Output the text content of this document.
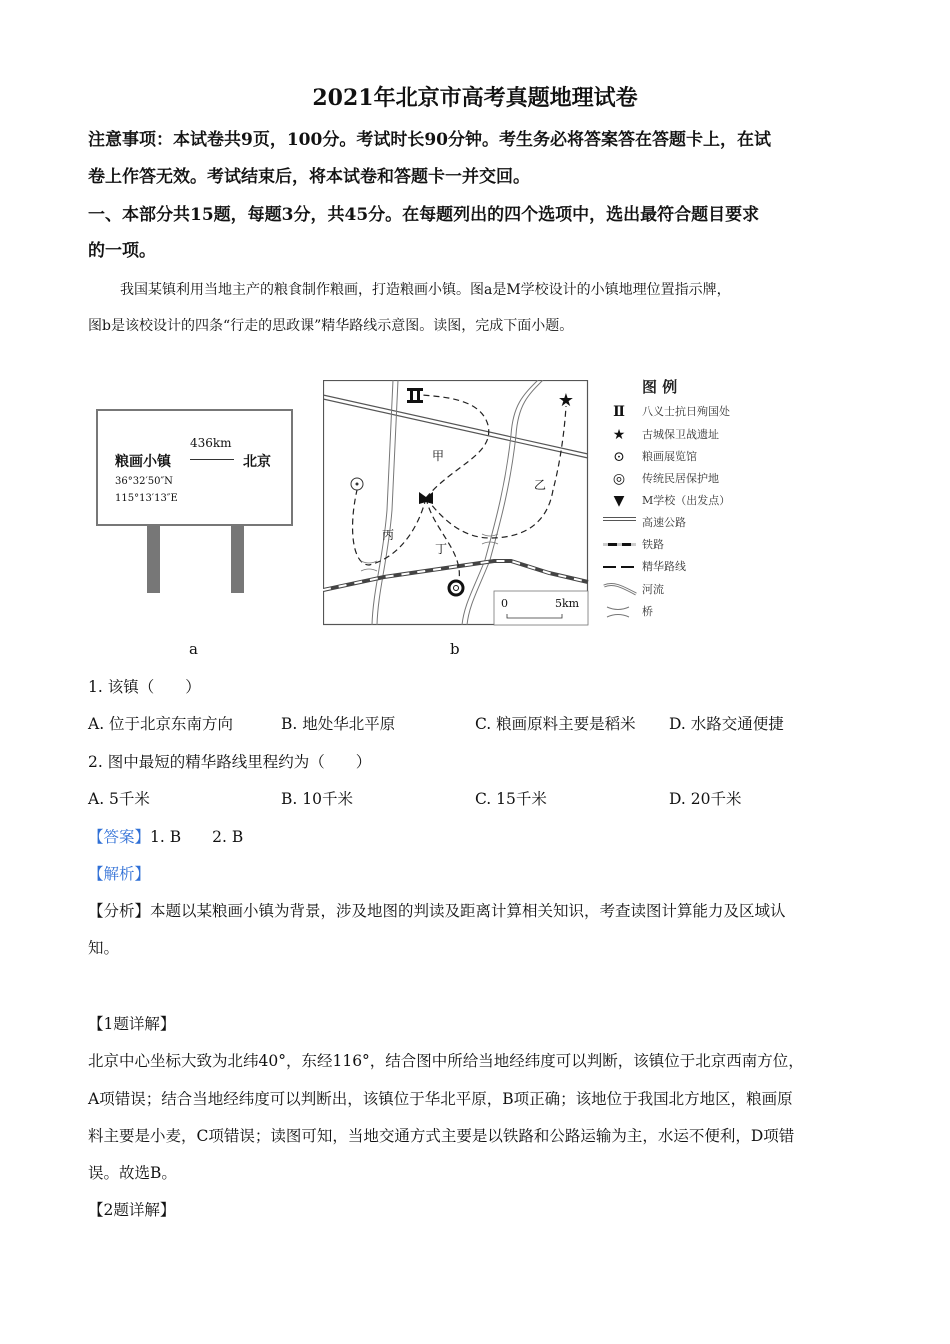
2021年北京市高考真题地理试卷
注意事项：本试卷共9页，100分。考试时长90分钟。考生务必将答案答在答题卡上，在试
卷上作答无效。考试结束后，将本试卷和答题卡一并交回。
一、本部分共15题，每题3分，共45分。在每题列出的四个选项中，选出最符合题目要求
的一项。
我国某镇利用当地主产的粮食制作粮画，打造粮画小镇。图a是M学校设计的小镇地理位置指示牌，
图b是该校设计的四条“行走的思政课”精华路线示意图。读图，完成下面小题。
粮画小镇
436km
北京
36°32′50″N
115°13′13″E
a
★
0	5km
甲
乙
丙
丁
图 例
Ⅱ	八义士抗日殉国处
★	古城保卫战遗址
⊙	粮画展览馆
◎	传统民居保护地
▼	M学校（出发点）
高速公路
铁路
精华路线
河流
桥
b
1. 该镇（　　）
A. 位于北京东南方向	B. 地处华北平原	C. 粮画原料主要是稻米 D. 水路交通便捷
2. 图中最短的精华路线里程约为（　　）
A. 5千米	B. 10千米	C. 15千米	D. 20千米
【答案】1. B　　2. B
【解析】
【分析】本题以某粮画小镇为背景，涉及地图的判读及距离计算相关知识，考查读图计算能力及区域认
知。
【1题详解】
北京中心坐标大致为北纬40°，东经116°，结合图中所给当地经纬度可以判断，该镇位于北京西南方位，
A项错误；结合当地经纬度可以判断出，该镇位于华北平原，B项正确；该地位于我国北方地区，粮画原
料主要是小麦，C项错误；读图可知，当地交通方式主要是以铁路和公路运输为主，水运不便利，D项错
误。故选B。
【2题详解】
